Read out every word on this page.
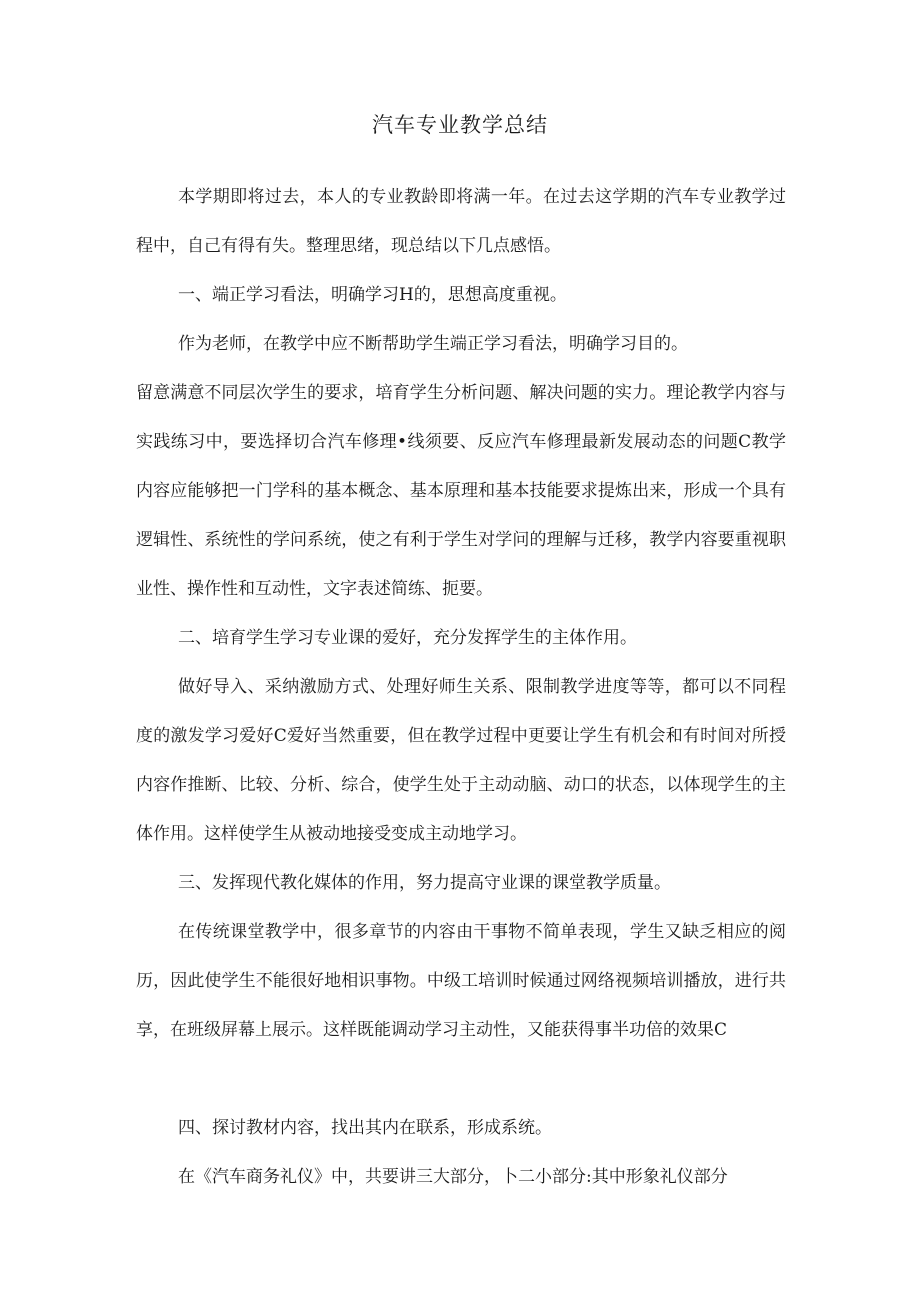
汽车专业教学总结

本学期即将过去，本人的专业教龄即将满一年。在过去这学期的汽车专业教学过程中，自己有得有失。整理思绪，现总结以下几点感悟。

一、端正学习看法，明确学习H的，思想高度重视。

作为老师，在教学中应不断帮助学生端正学习看法，明确学习目的。

留意满意不同层次学生的要求，培育学生分析问题、解决问题的实力。理论教学内容与实践练习中，要选择切合汽车修理•线须要、反应汽车修理最新发展动态的问题C教学内容应能够把一门学科的基本概念、基本原理和基本技能要求提炼出来，形成一个具有逻辑性、系统性的学问系统，使之有利于学生对学问的理解与迁移，教学内容要重视职业性、操作性和互动性，文字表述简练、扼要。

二、培育学生学习专业课的爱好，充分发挥学生的主体作用。

做好导入、采纳激励方式、处理好师生关系、限制教学进度等等，都可以不同程度的激发学习爱好C爱好当然重要，但在教学过程中更要让学生有机会和有时间对所授内容作推断、比较、分析、综合，使学生处于主动动脑、动口的状态，以体现学生的主体作用。这样使学生从被动地接受变成主动地学习。

三、发挥现代教化媒体的作用，努力提高守业课的课堂教学质量。

在传统课堂教学中，很多章节的内容由干事物不简单表现，学生又缺乏相应的阅历，因此使学生不能很好地相识事物。中级工培训时候通过网络视频培训播放，进行共享，在班级屏幕上展示。这样既能调动学习主动性，又能获得事半功倍的效果C

四、探讨教材内容，找出其内在联系，形成系统。

在《汽车商务礼仪》中，共要讲三大部分，卜二小部分:其中形象礼仪部分
